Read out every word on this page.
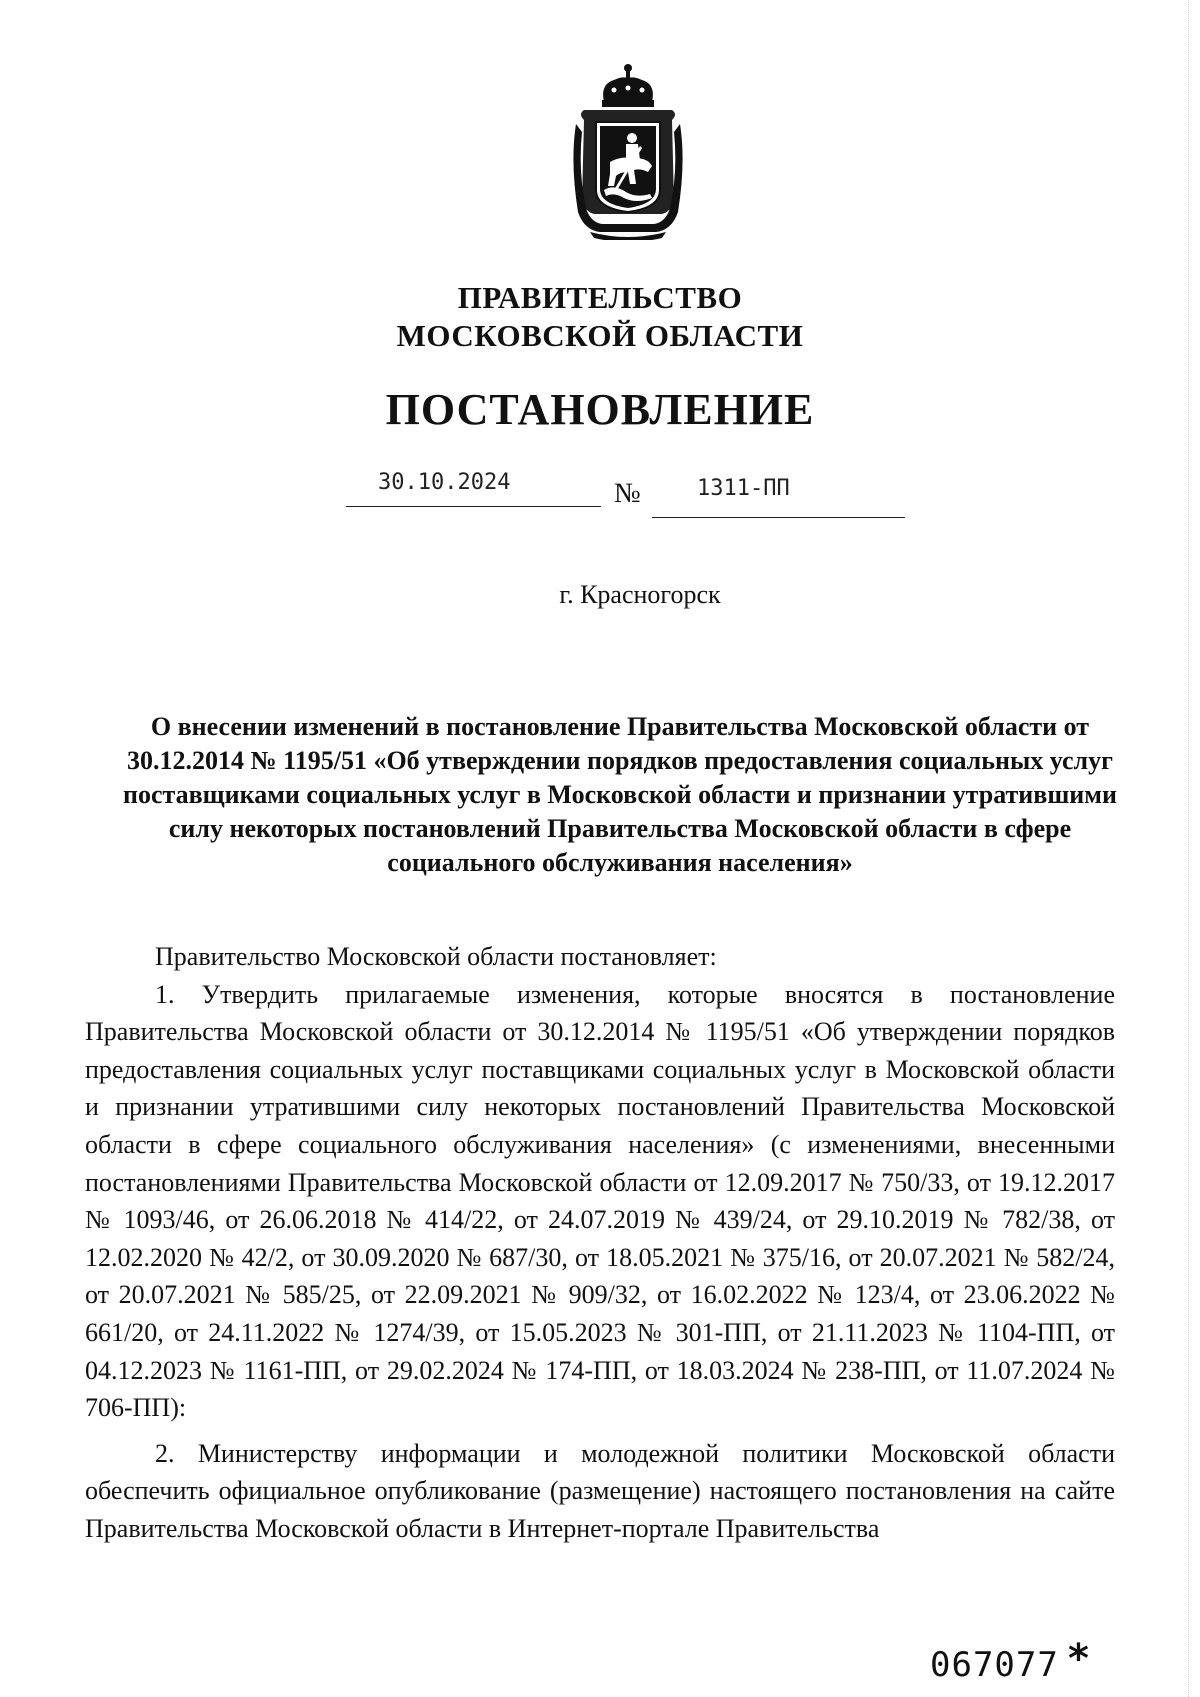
ПРАВИТЕЛЬСТВО
МОСКОВСКОЙ ОБЛАСТИ
ПОСТАНОВЛЕНИЕ
30.10.2024	№	1311-ПП
г. Красногорск
О внесении изменений в постановление Правительства Московской области от 30.12.2014 № 1195/51 «Об утверждении порядков предоставления социальных услуг поставщиками социальных услуг в Московской области и признании утратившими силу некоторых постановлений Правительства Московской области в сфере социального обслуживания населения»

Правительство Московской области постановляет:

1. Утвердить прилагаемые изменения, которые вносятся в постановление Правительства Московской области от 30.12.2014 № 1195/51 «Об утверждении порядков предоставления социальных услуг поставщиками социальных услуг в Московской области и признании утратившими силу некоторых постановлений Правительства Московской области в сфере социального обслуживания населения» (с изменениями, внесенными постановлениями Правительства Московской области от 12.09.2017 № 750/33, от 19.12.2017 № 1093/46, от 26.06.2018 № 414/22, от 24.07.2019 № 439/24, от 29.10.2019 № 782/38, от 12.02.2020 № 42/2, от 30.09.2020 № 687/30, от 18.05.2021 № 375/16, от 20.07.2021 № 582/24, от 20.07.2021 № 585/25, от 22.09.2021 № 909/32, от 16.02.2022 № 123/4, от 23.06.2022 № 661/20, от 24.11.2022 № 1274/39, от 15.05.2023 № 301-ПП, от 21.11.2023 № 1104-ПП, от 04.12.2023 № 1161-ПП, от 29.02.2024 № 174-ПП, от 18.03.2024 № 238-ПП, от 11.07.2024 № 706-ПП):

2. Министерству информации и молодежной политики Московской области обеспечить официальное опубликование (размещение) настоящего постановления на сайте Правительства Московской области в Интернет-портале Правительства

067077 *
